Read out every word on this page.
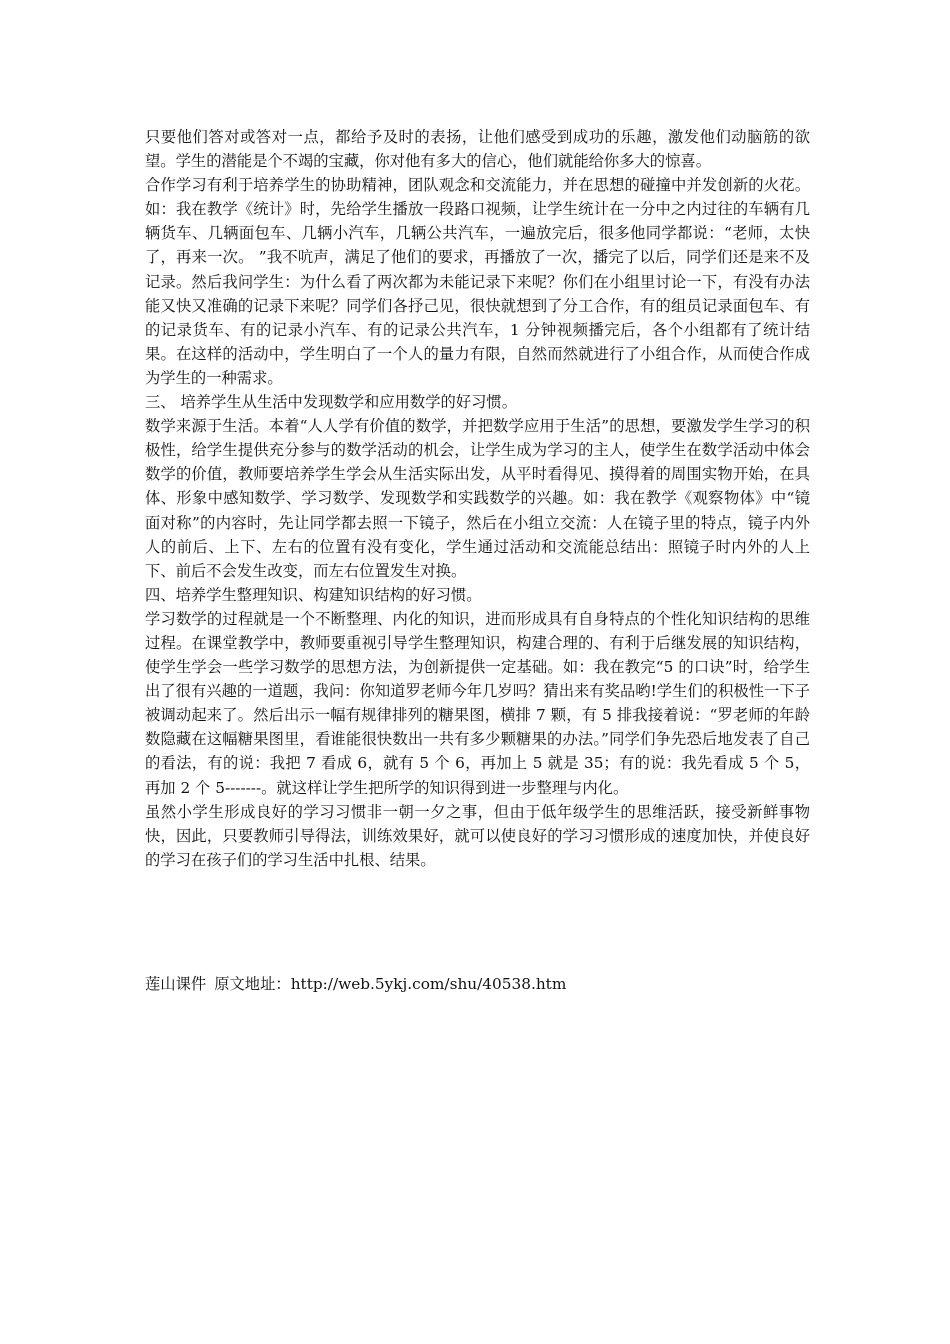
只要他们答对或答对一点，都给予及时的表扬，让他们感受到成功的乐趣，激发他们动脑筋的欲望。学生的潜能是个不竭的宝藏，你对他有多大的信心，他们就能给你多大的惊喜。

合作学习有利于培养学生的协助精神，团队观念和交流能力，并在思想的碰撞中并发创新的火花。如：我在教学《统计》时，先给学生播放一段路口视频，让学生统计在一分中之内过往的车辆有几辆货车、几辆面包车、几辆小汽车，几辆公共汽车，一遍放完后，很多他同学都说：“老师，太快了，再来一次。 ”我不吭声，满足了他们的要求，再播放了一次，播完了以后，同学们还是来不及记录。然后我问学生：为什么看了两次都为未能记录下来呢？你们在小组里讨论一下，有没有办法能又快又准确的记录下来呢？同学们各抒己见，很快就想到了分工合作，有的组员记录面包车、有的记录货车、有的记录小汽车、有的记录公共汽车，1 分钟视频播完后，各个小组都有了统计结果。在这样的活动中，学生明白了一个人的量力有限，自然而然就进行了小组合作，从而使合作成为学生的一种需求。

三、 培养学生从生活中发现数学和应用数学的好习惯。

数学来源于生活。本着“人人学有价值的数学，并把数学应用于生活”的思想，要激发学生学习的积极性，给学生提供充分参与的数学活动的机会，让学生成为学习的主人，使学生在数学活动中体会数学的价值，教师要培养学生学会从生活实际出发，从平时看得见、摸得着的周围实物开始，在具体、形象中感知数学、学习数学、发现数学和实践数学的兴趣。如：我在教学《观察物体》中“镜面对称”的内容时，先让同学都去照一下镜子，然后在小组立交流：人在镜子里的特点，镜子内外人的前后、上下、左右的位置有没有变化，学生通过活动和交流能总结出：照镜子时内外的人上下、前后不会发生改变，而左右位置发生对换。

四、培养学生整理知识、构建知识结构的好习惯。

学习数学的过程就是一个不断整理、内化的知识，进而形成具有自身特点的个性化知识结构的思维过程。在课堂教学中，教师要重视引导学生整理知识，构建合理的、有利于后继发展的知识结构，使学生学会一些学习数学的思想方法，为创新提供一定基础。如：我在教完“5 的口诀”时，给学生出了很有兴趣的一道题，我问：你知道罗老师今年几岁吗？猜出来有奖品哟!学生们的积极性一下子被调动起来了。然后出示一幅有规律排列的糖果图，横排 7 颗，有 5 排我接着说：“罗老师的年龄数隐藏在这幅糖果图里，看谁能很快数出一共有多少颗糖果的办法。”同学们争先恐后地发表了自己的看法，有的说：我把 7 看成 6，就有 5 个 6，再加上 5 就是 35；有的说：我先看成 5 个 5，再加 2 个 5-------。就这样让学生把所学的知识得到进一步整理与内化。

虽然小学生形成良好的学习习惯非一朝一夕之事，但由于低年级学生的思维活跃，接受新鲜事物快，因此，只要教师引导得法，训练效果好，就可以使良好的学习习惯形成的速度加快，并使良好的学习在孩子们的学习生活中扎根、结果。

莲山课件 原文地址：http://web.5ykj.com/shu/40538.htm
